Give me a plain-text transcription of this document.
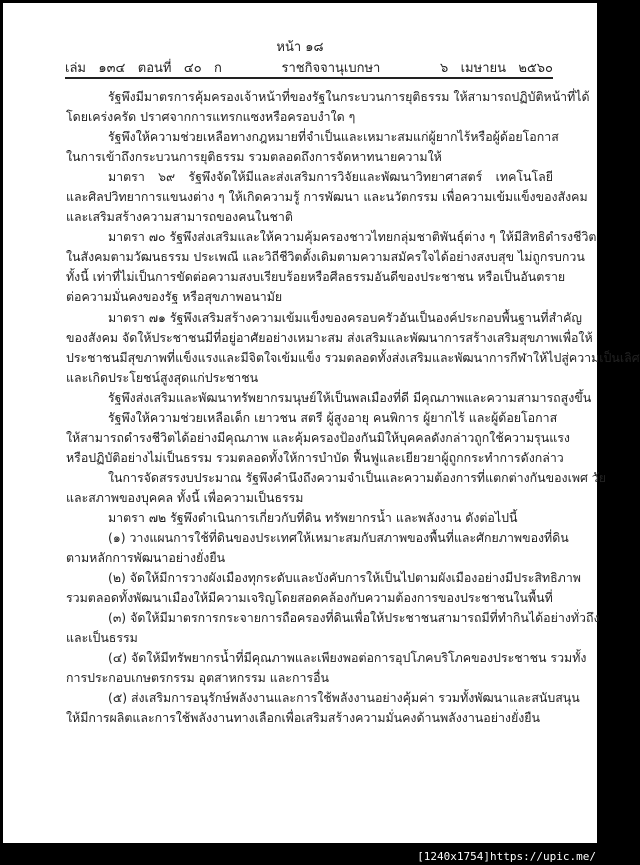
หน้า ๑๘
เล่ม   ๑๓๔   ตอนที่   ๔๐   ก	ราชกิจจานุเบกษา	๖   เมษายน   ๒๕๖๐
รัฐพึงมีมาตรการคุ้มครองเจ้าหน้าที่ของรัฐในกระบวนการยุติธรรม ให้สามารถปฏิบัติหน้าที่ได้
โดยเคร่งครัด ปราศจากการแทรกแซงหรือครอบงำใด ๆ
รัฐพึงให้ความช่วยเหลือทางกฎหมายที่จำเป็นและเหมาะสมแก่ผู้ยากไร้หรือผู้ด้อยโอกาส
ในการเข้าถึงกระบวนการยุติธรรม รวมตลอดถึงการจัดหาทนายความให้
มาตรา ๖๙ รัฐพึงจัดให้มีและส่งเสริมการวิจัยและพัฒนาวิทยาศาสตร์ เทคโนโลยี
และศิลปวิทยาการแขนงต่าง ๆ ให้เกิดความรู้ การพัฒนา และนวัตกรรม เพื่อความเข้มแข็งของสังคม
และเสริมสร้างความสามารถของคนในชาติ
มาตรา ๗๐ รัฐพึงส่งเสริมและให้ความคุ้มครองชาวไทยกลุ่มชาติพันธุ์ต่าง ๆ ให้มีสิทธิดำรงชีวิต
ในสังคมตามวัฒนธรรม ประเพณี และวิถีชีวิตดั้งเดิมตามความสมัครใจได้อย่างสงบสุข ไม่ถูกรบกวน
ทั้งนี้ เท่าที่ไม่เป็นการขัดต่อความสงบเรียบร้อยหรือศีลธรรมอันดีของประชาชน หรือเป็นอันตราย
ต่อความมั่นคงของรัฐ หรือสุขภาพอนามัย
มาตรา ๗๑ รัฐพึงเสริมสร้างความเข้มแข็งของครอบครัวอันเป็นองค์ประกอบพื้นฐานที่สำคัญ
ของสังคม จัดให้ประชาชนมีที่อยู่อาศัยอย่างเหมาะสม ส่งเสริมและพัฒนาการสร้างเสริมสุขภาพเพื่อให้
ประชาชนมีสุขภาพที่แข็งแรงและมีจิตใจเข้มแข็ง รวมตลอดทั้งส่งเสริมและพัฒนาการกีฬาให้ไปสู่ความเป็นเลิศ
และเกิดประโยชน์สูงสุดแก่ประชาชน
รัฐพึงส่งเสริมและพัฒนาทรัพยากรมนุษย์ให้เป็นพลเมืองที่ดี มีคุณภาพและความสามารถสูงขึ้น
รัฐพึงให้ความช่วยเหลือเด็ก เยาวชน สตรี ผู้สูงอายุ คนพิการ ผู้ยากไร้ และผู้ด้อยโอกาส
ให้สามารถดำรงชีวิตได้อย่างมีคุณภาพ และคุ้มครองป้องกันมิให้บุคคลดังกล่าวถูกใช้ความรุนแรง
หรือปฏิบัติอย่างไม่เป็นธรรม รวมตลอดทั้งให้การบำบัด ฟื้นฟูและเยียวยาผู้ถูกกระทำการดังกล่าว
ในการจัดสรรงบประมาณ รัฐพึงคำนึงถึงความจำเป็นและความต้องการที่แตกต่างกันของเพศ วัย
และสภาพของบุคคล ทั้งนี้ เพื่อความเป็นธรรม
มาตรา ๗๒ รัฐพึงดำเนินการเกี่ยวกับที่ดิน ทรัพยากรน้ำ และพลังงาน ดังต่อไปนี้
(๑) วางแผนการใช้ที่ดินของประเทศให้เหมาะสมกับสภาพของพื้นที่และศักยภาพของที่ดิน
ตามหลักการพัฒนาอย่างยั่งยืน
(๒) จัดให้มีการวางผังเมืองทุกระดับและบังคับการให้เป็นไปตามผังเมืองอย่างมีประสิทธิภาพ
รวมตลอดทั้งพัฒนาเมืองให้มีความเจริญโดยสอดคล้องกับความต้องการของประชาชนในพื้นที่
(๓) จัดให้มีมาตรการกระจายการถือครองที่ดินเพื่อให้ประชาชนสามารถมีที่ทำกินได้อย่างทั่วถึง
และเป็นธรรม
(๔) จัดให้มีทรัพยากรน้ำที่มีคุณภาพและเพียงพอต่อการอุปโภคบริโภคของประชาชน รวมทั้ง
การประกอบเกษตรกรรม อุตสาหกรรม และการอื่น
(๕) ส่งเสริมการอนุรักษ์พลังงานและการใช้พลังงานอย่างคุ้มค่า รวมทั้งพัฒนาและสนับสนุน
ให้มีการผลิตและการใช้พลังงานทางเลือกเพื่อเสริมสร้างความมั่นคงด้านพลังงานอย่างยั่งยืน
[1240x1754]https://upic.me/
